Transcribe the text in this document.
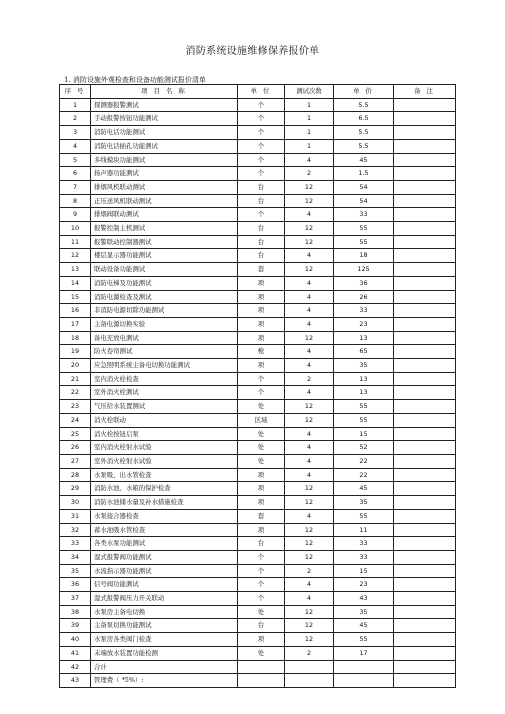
消防系统设施维修保养报价单
1. 消防设施外观检查和设备功能测试报价清单
序 号	项 目 名 称	单 位	测试次数	单 价	备 注
1	探测器报警测试	个	1	5.5	
2	手动报警按钮功能测试	个	1	6.5	
3	消防电话功能测试	个	1	5.5	
4	消防电话插孔功能测试	个	1	5.5	
5	多线模块功能测试	个	4	45	
6	扬声器功能测试	个	2	1.5	
7	排烟风机联动测试	台	12	54	
8	正压送风机联动测试	台	12	54	
9	排烟阀联动测试	个	4	33	
10	报警控制主机测试	台	12	55	
11	报警联动控制器测试	台	12	55	
12	楼层显示器功能测试	台	4	18	
13	联动设备功能测试	套	12	125	
14	消防电梯及功能测试	项	4	36	
15	消防电源检查及测试	项	4	26	
16	非消防电源切除功能测试	项	4	33	
17	主备电源切换实验	项	4	23	
18	备电充放电测试	项	12	13	
19	防火卷帘测试	樘	4	65	
20	应急照明系统主备电切换功能测试	项	4	35	
21	室内消火栓检查	个	2	13	
22	室外消火栓测试	个	4	13	
23	气压给水装置测试	处	12	55	
24	消火栓联动	区域	12	55	
25	消火栓按钮启泵	处	4	15	
26	室内消火栓射水试验	处	4	52	
27	室外消火栓射水试验	处	4	22	
28	水泵吸、出水管检查	项	4	22	
29	消防水池、水箱的保护检查	项	12	45	
30	消防水池储水量及补水措施检查	项	12	35	
31	水泵接合器检查	套	4	55	
32	蓄水池吸水管检查	项	12	11	
33	各类水泵功能测试	台	12	33	
34	湿式报警阀功能测试	个	12	33	
35	水流指示器功能测试	个	2	15	
36	信号阀功能测试	个	4	23	
37	湿式报警阀压力开关联动	个	4	43	
38	水泵房主备电切换	处	12	35	
39	主备泵切换功能测试	台	12	45	
40	水泵房各类阀门检查	项	12	55	
41	末端放水装置功能检测	处	2	17	
42	合计				
43	管理费（ *5%）:				
